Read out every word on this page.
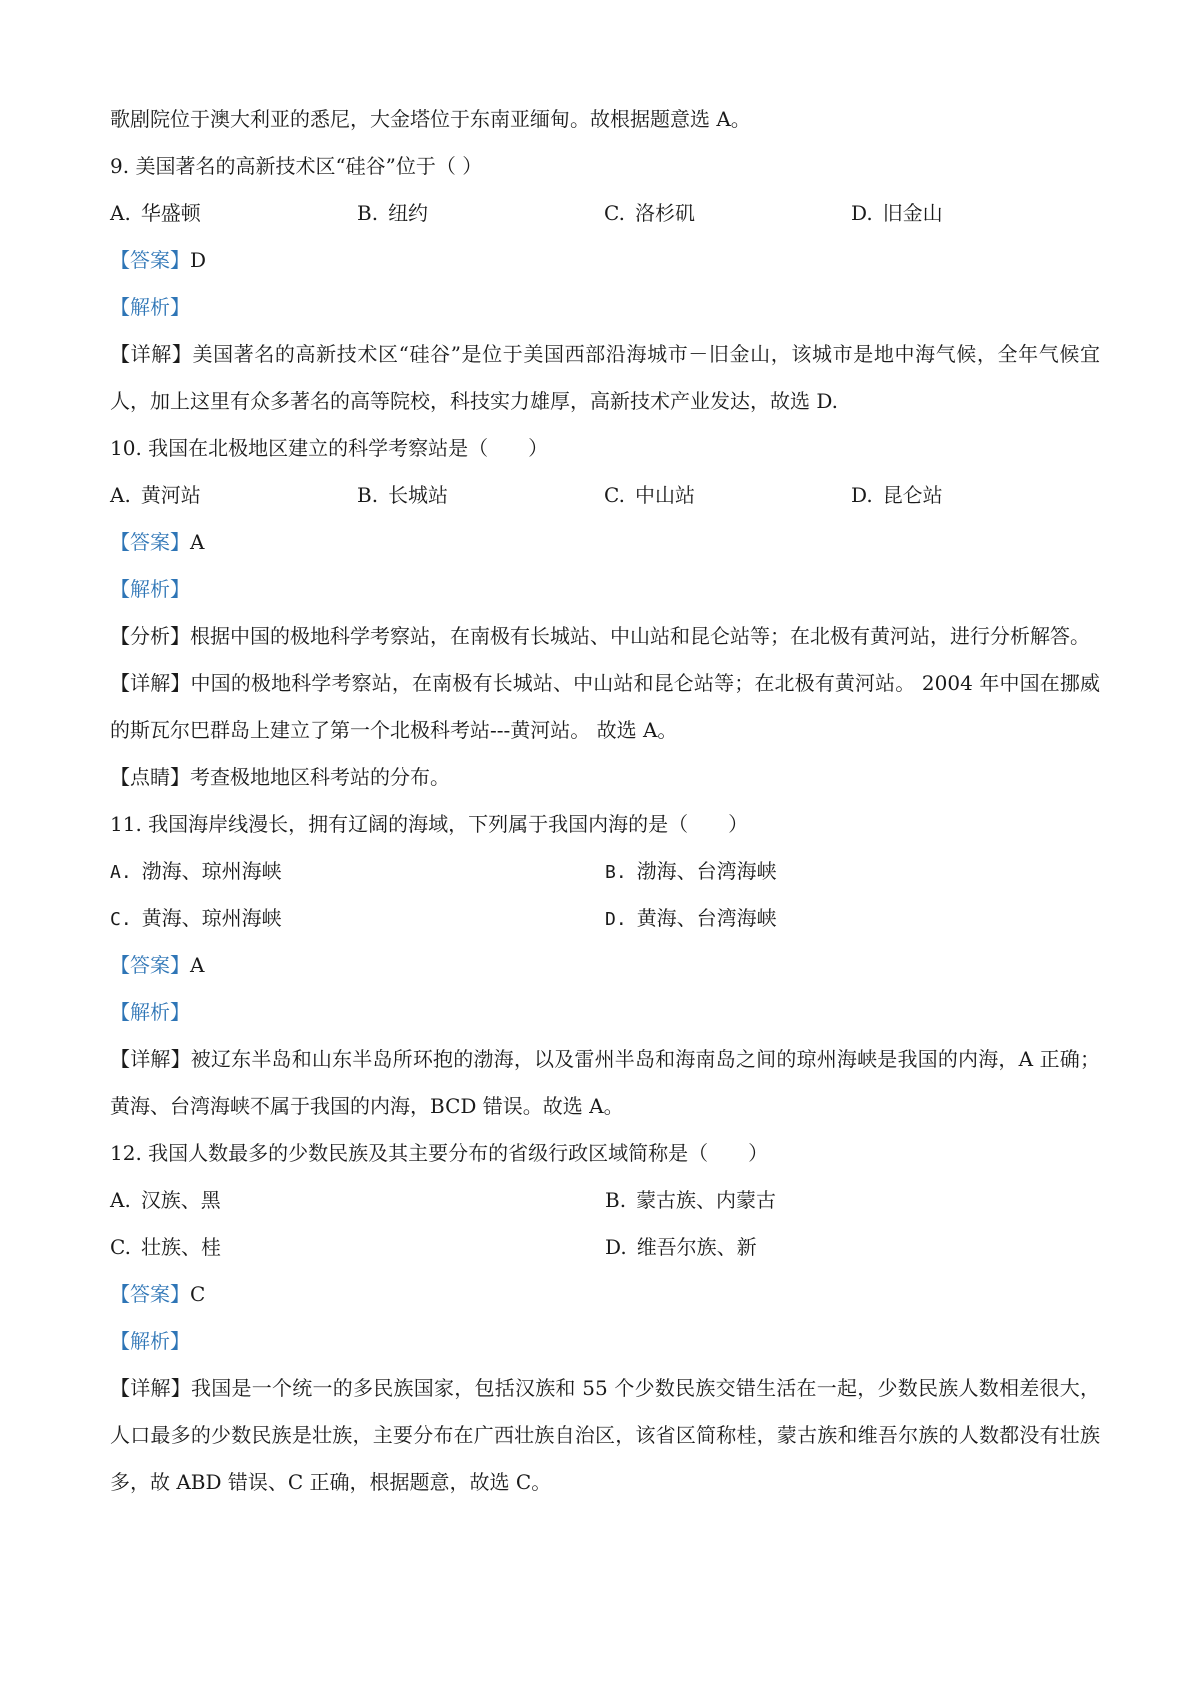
歌剧院位于澳大利亚的悉尼，大金塔位于东南亚缅甸。故根据题意选 A。
9. 美国著名的高新技术区“硅谷”位于（ ）
A. 华盛顿	B. 纽约	C. 洛杉矶	D. 旧金山
【答案】D
【解析】
【详解】美国著名的高新技术区“硅谷”是位于美国西部沿海城市－旧金山，该城市是地中海气候，全年气候宜人，加上这里有众多著名的高等院校，科技实力雄厚，高新技术产业发达，故选 D.
10. 我国在北极地区建立的科学考察站是（　　）
A. 黄河站	B. 长城站	C. 中山站	D. 昆仑站
【答案】A
【解析】
【分析】根据中国的极地科学考察站，在南极有长城站、中山站和昆仑站等；在北极有黄河站，进行分析解答。
【详解】中国的极地科学考察站，在南极有长城站、中山站和昆仑站等；在北极有黄河站。 2004 年中国在挪威的斯瓦尔巴群岛上建立了第一个北极科考站---黄河站。 故选 A。
【点睛】考查极地地区科考站的分布。
11. 我国海岸线漫长，拥有辽阔的海域，下列属于我国内海的是（　　）
A. 渤海、琼州海峡	B. 渤海、台湾海峡
C. 黄海、琼州海峡	D. 黄海、台湾海峡
【答案】A
【解析】
【详解】被辽东半岛和山东半岛所环抱的渤海，以及雷州半岛和海南岛之间的琼州海峡是我国的内海，A 正确；黄海、台湾海峡不属于我国的内海，BCD 错误。故选 A。
12. 我国人数最多的少数民族及其主要分布的省级行政区域简称是（　　）
A. 汉族、黑	B. 蒙古族、内蒙古
C. 壮族、桂	D. 维吾尔族、新
【答案】C
【解析】
【详解】我国是一个统一的多民族国家，包括汉族和 55 个少数民族交错生活在一起，少数民族人数相差很大，人口最多的少数民族是壮族，主要分布在广西壮族自治区，该省区简称桂，蒙古族和维吾尔族的人数都没有壮族多，故 ABD 错误、C 正确，根据题意，故选 C。
